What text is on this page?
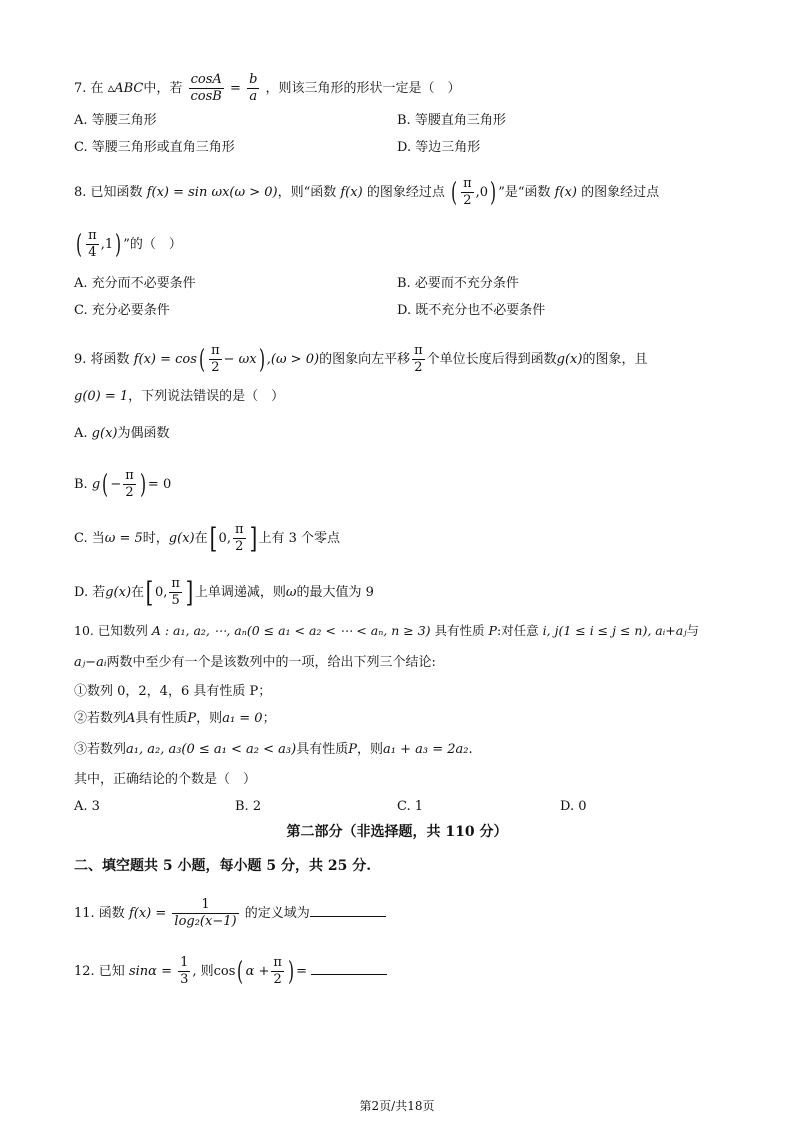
7. 在 ▵ABC中，若 $\frac{\cos A}{\cos B} = \frac{b}{a}$ ，则该三角形的形状一定是（　）
A. 等腰三角形	B. 等腰直角三角形
C. 等腰三角形或直角三角形	D. 等边三角形
8. 已知函数 f(x) = sin ωx(ω > 0)，则“函数 f(x) 的图象经过点 ( $\frac{\pi}{2} ,0$) ”是“函数 f(x) 的图象经过点
( $\frac{\pi}{4} ,1$) ”的（　）
A. 充分而不必要条件	B. 必要而不充分条件
C. 充分必要条件	D. 既不充分也不必要条件
9. 将函数 $f(x) = \cos( \frac{\pi}{2} - \omega x)$ ,(ω > 0)的图象向左平移 $\frac{\pi}{2}$ 个单位长度后得到函数g(x)的图象，且
g(0) = 1，下列说法错误的是（　）
A. g(x)为偶函数
B. $g( - \frac{\pi}{2}$ ) = 0
C. 当ω = 5时，g(x)在[ 0, $\frac{\pi}{2}$ ] 上有 3 个零点
D. 若g(x)在[ 0, $\frac{\pi}{5}$ ] 上单调递减，则ω的最大值为 9
10. 已知数列 A : a₁, a₂, ⋯, aₙ(0 ≤ a₁ < a₂ < ⋯ < aₙ, n ≥ 3) 具有性质 P:对任意 i, j(1 ≤ i ≤ j ≤ n), aᵢ+aⱼ与
aⱼ−aᵢ两数中至少有一个是该数列中的一项，给出下列三个结论:
①数列 0，2，4，6 具有性质 P；
②若数列A具有性质P，则a₁ = 0；
③若数列a₁, a₂, a₃(0 ≤ a₁ < a₂ < a₃)具有性质P，则a₁ + a₃ = 2a₂.
其中，正确结论的个数是（　）
A. 3	B. 2	C. 1	D. 0
第二部分（非选择题，共 110 分）
二、填空题共 5 小题，每小题 5 分，共 25 分.
11. 函数 $f(x) = \frac{1}{\text{log₂(x−1)}}$ 的定义域为
12. 已知 $\sin\alpha = \frac{1}{3}$ , 则cos( $\alpha + \frac{\pi}{2}$ ) =
第2页/共18页
